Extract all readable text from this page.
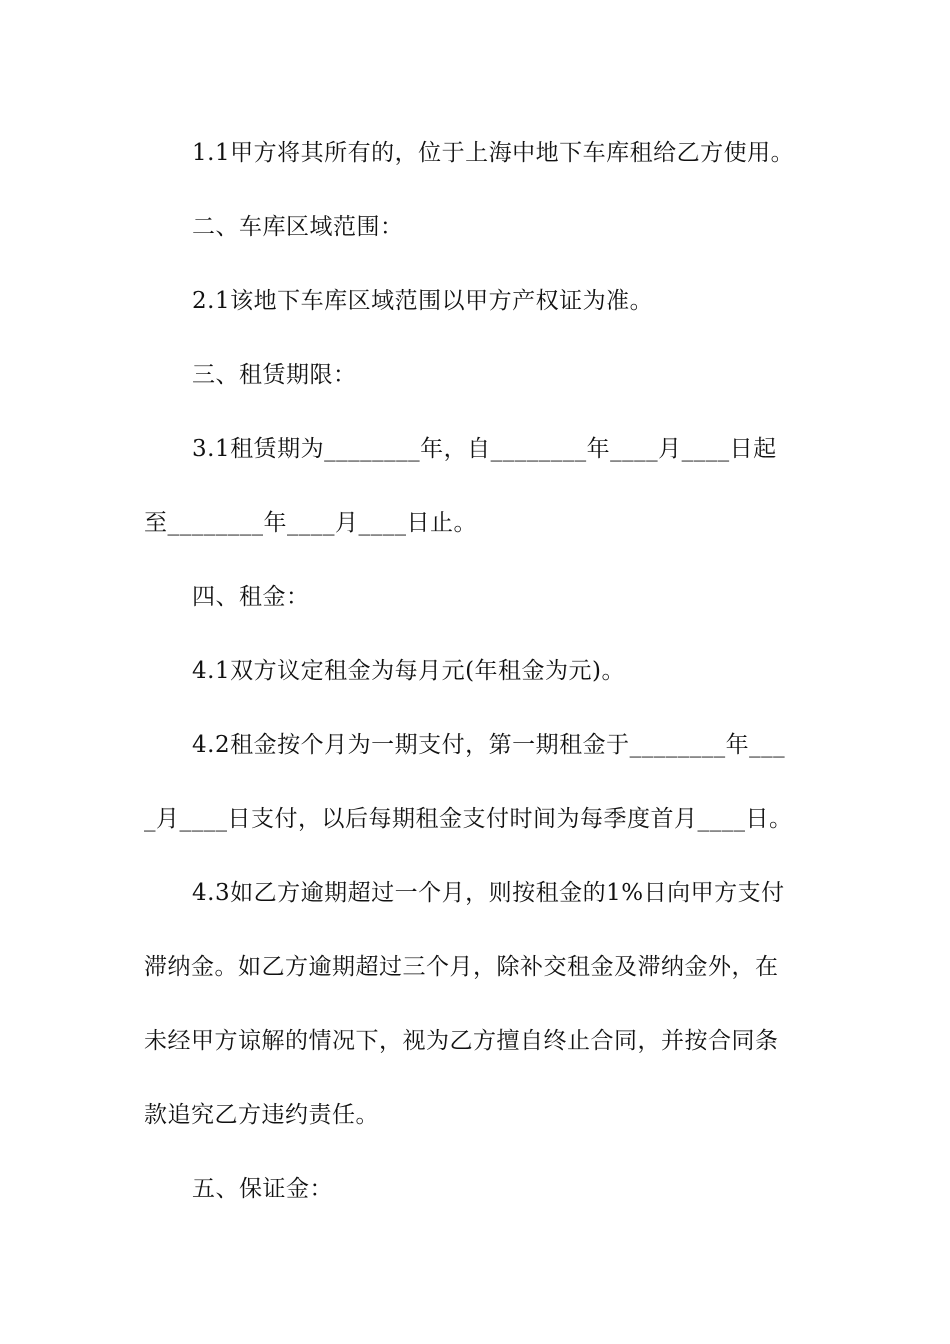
1.1甲方将其所有的，位于上海中地下车库租给乙方使用。
二、车库区域范围：
2.1该地下车库区域范围以甲方产权证为准。
三、租赁期限：
3.1租赁期为________年，自________年____月____日起
至________年____月____日止。
四、租金：
4.1双方议定租金为每月元(年租金为元)。
4.2租金按个月为一期支付，第一期租金于________年___
_月____日支付，以后每期租金支付时间为每季度首月____日。
4.3如乙方逾期超过一个月，则按租金的1%日向甲方支付
滞纳金。如乙方逾期超过三个月，除补交租金及滞纳金外，在
未经甲方谅解的情况下，视为乙方擅自终止合同，并按合同条
款追究乙方违约责任。
五、保证金：
